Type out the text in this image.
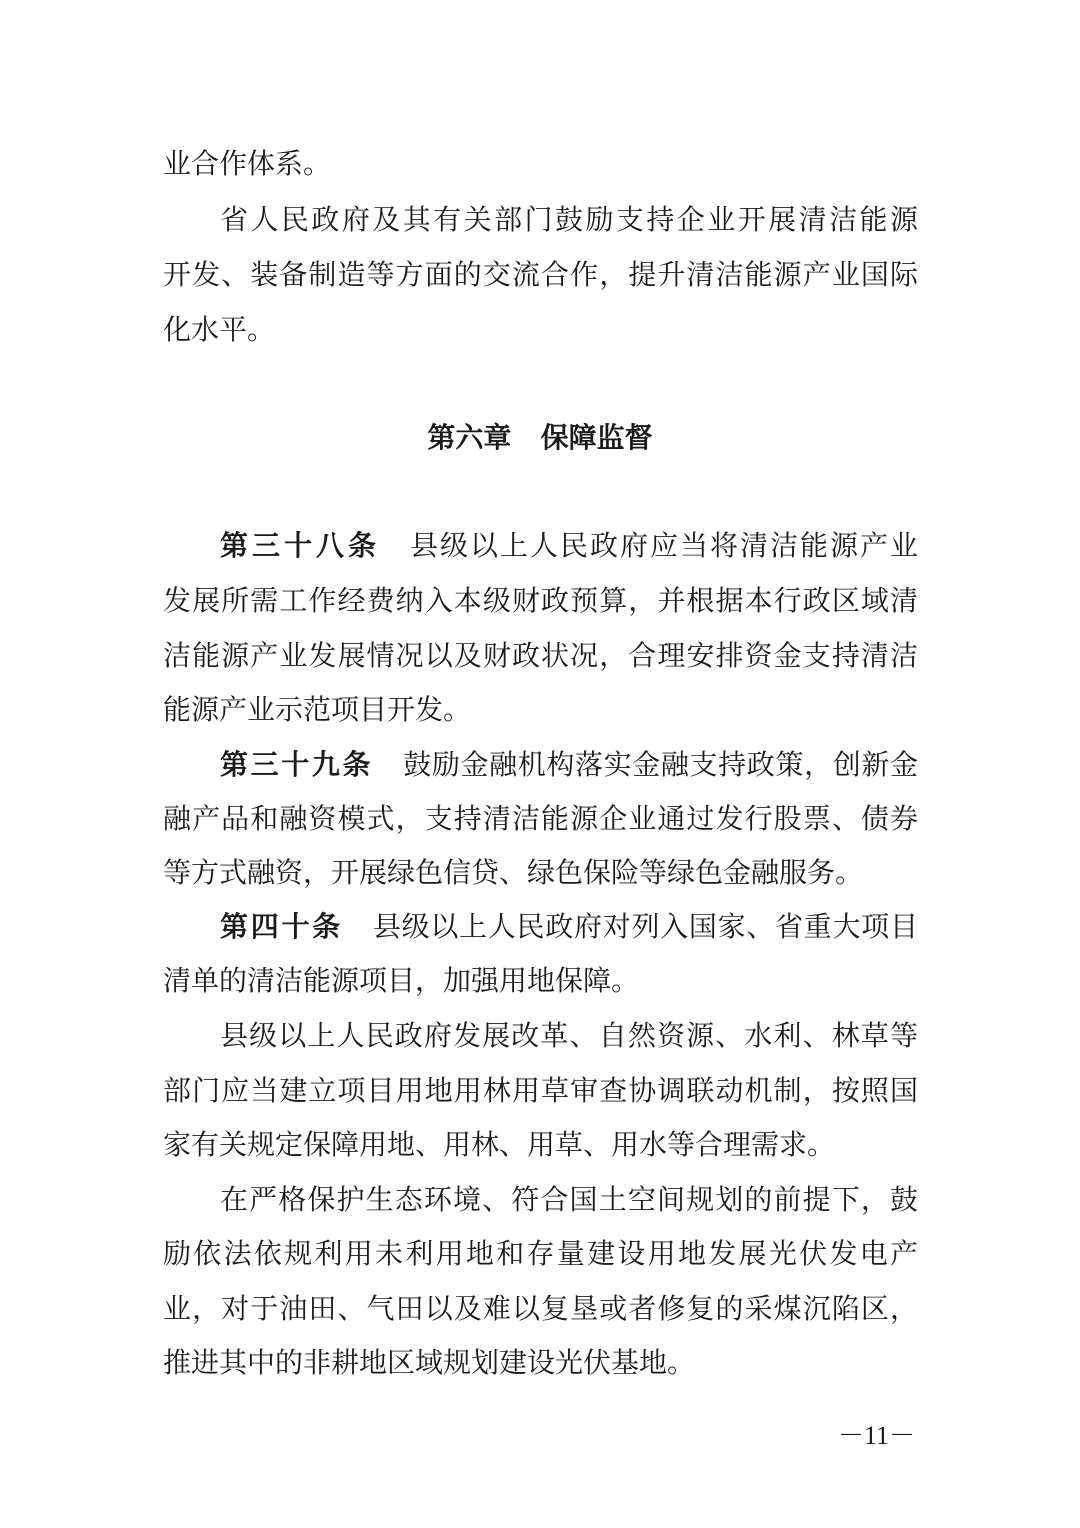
业合作体系。
省人民政府及其有关部门鼓励支持企业开展清洁能源
开发、装备制造等方面的交流合作，提升清洁能源产业国际
化水平。
第六章 保障监督
第三十八条 县级以上人民政府应当将清洁能源产业
发展所需工作经费纳入本级财政预算，并根据本行政区域清
洁能源产业发展情况以及财政状况，合理安排资金支持清洁
能源产业示范项目开发。
第三十九条 鼓励金融机构落实金融支持政策，创新金
融产品和融资模式，支持清洁能源企业通过发行股票、债券
等方式融资，开展绿色信贷、绿色保险等绿色金融服务。
第四十条 县级以上人民政府对列入国家、省重大项目
清单的清洁能源项目，加强用地保障。
县级以上人民政府发展改革、自然资源、水利、林草等
部门应当建立项目用地用林用草审查协调联动机制，按照国
家有关规定保障用地、用林、用草、用水等合理需求。
在严格保护生态环境、符合国土空间规划的前提下，鼓
励依法依规利用未利用地和存量建设用地发展光伏发电产
业，对于油田、气田以及难以复垦或者修复的采煤沉陷区，
推进其中的非耕地区域规划建设光伏基地。
－11－
